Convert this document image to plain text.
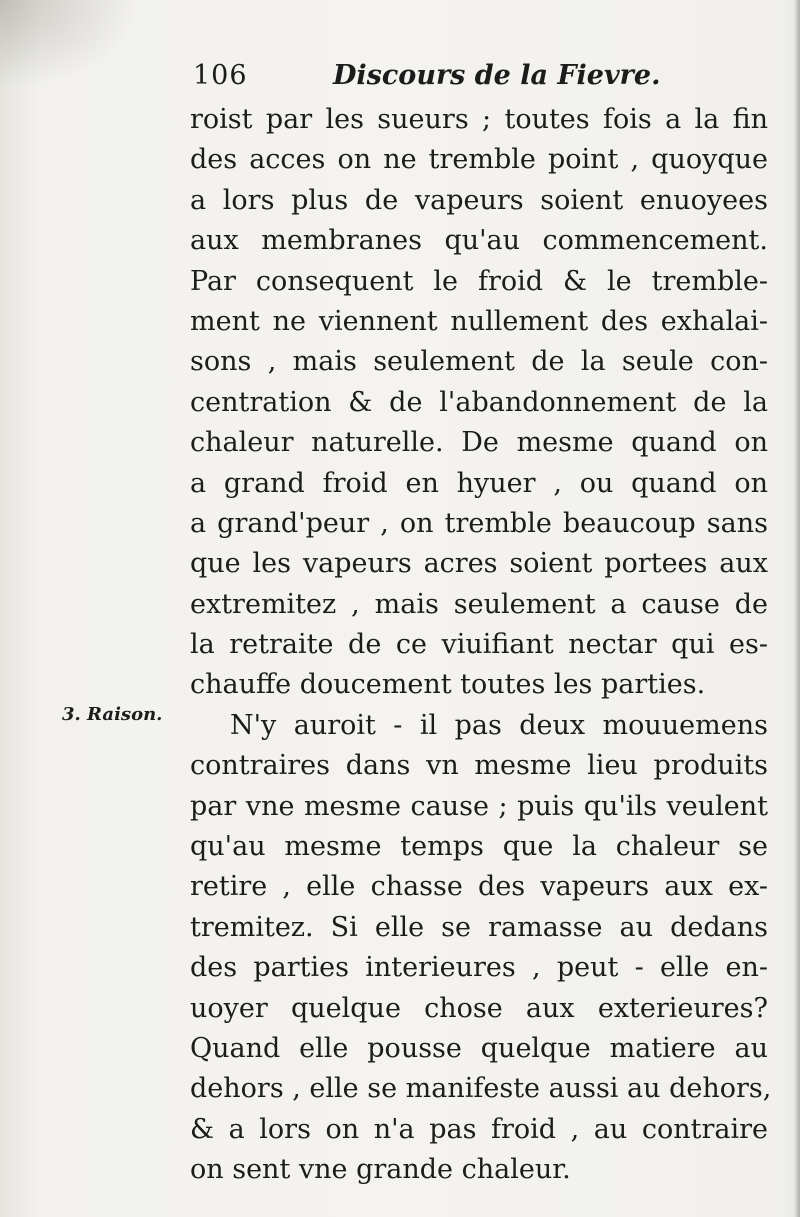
106	Discours de la Fievre.
3. Raison.
roist par les sueurs ; toutes fois a la fin
des acces on ne tremble point , quoyque
a lors plus de vapeurs soient enuoyees
aux membranes qu'au commencement.
Par consequent le froid & le tremble-
ment ne viennent nullement des exhalai-
sons , mais seulement de la seule con-
centration & de l'abandonnement de la
chaleur naturelle. De mesme quand on
a grand froid en hyuer , ou quand on
a grand'peur , on tremble beaucoup sans
que les vapeurs acres soient portees aux
extremitez , mais seulement a cause de
la retraite de ce viuifiant nectar qui es-
chauffe doucement toutes les parties.
N'y auroit - il pas deux mouuemens
contraires dans vn mesme lieu produits
par vne mesme cause ; puis qu'ils veulent
qu'au mesme temps que la chaleur se
retire , elle chasse des vapeurs aux ex-
tremitez. Si elle se ramasse au dedans
des parties interieures , peut - elle en-
uoyer quelque chose aux exterieures?
Quand elle pousse quelque matiere au
dehors , elle se manifeste aussi au dehors,
& a lors on n'a pas froid , au contraire
on sent vne grande chaleur.
